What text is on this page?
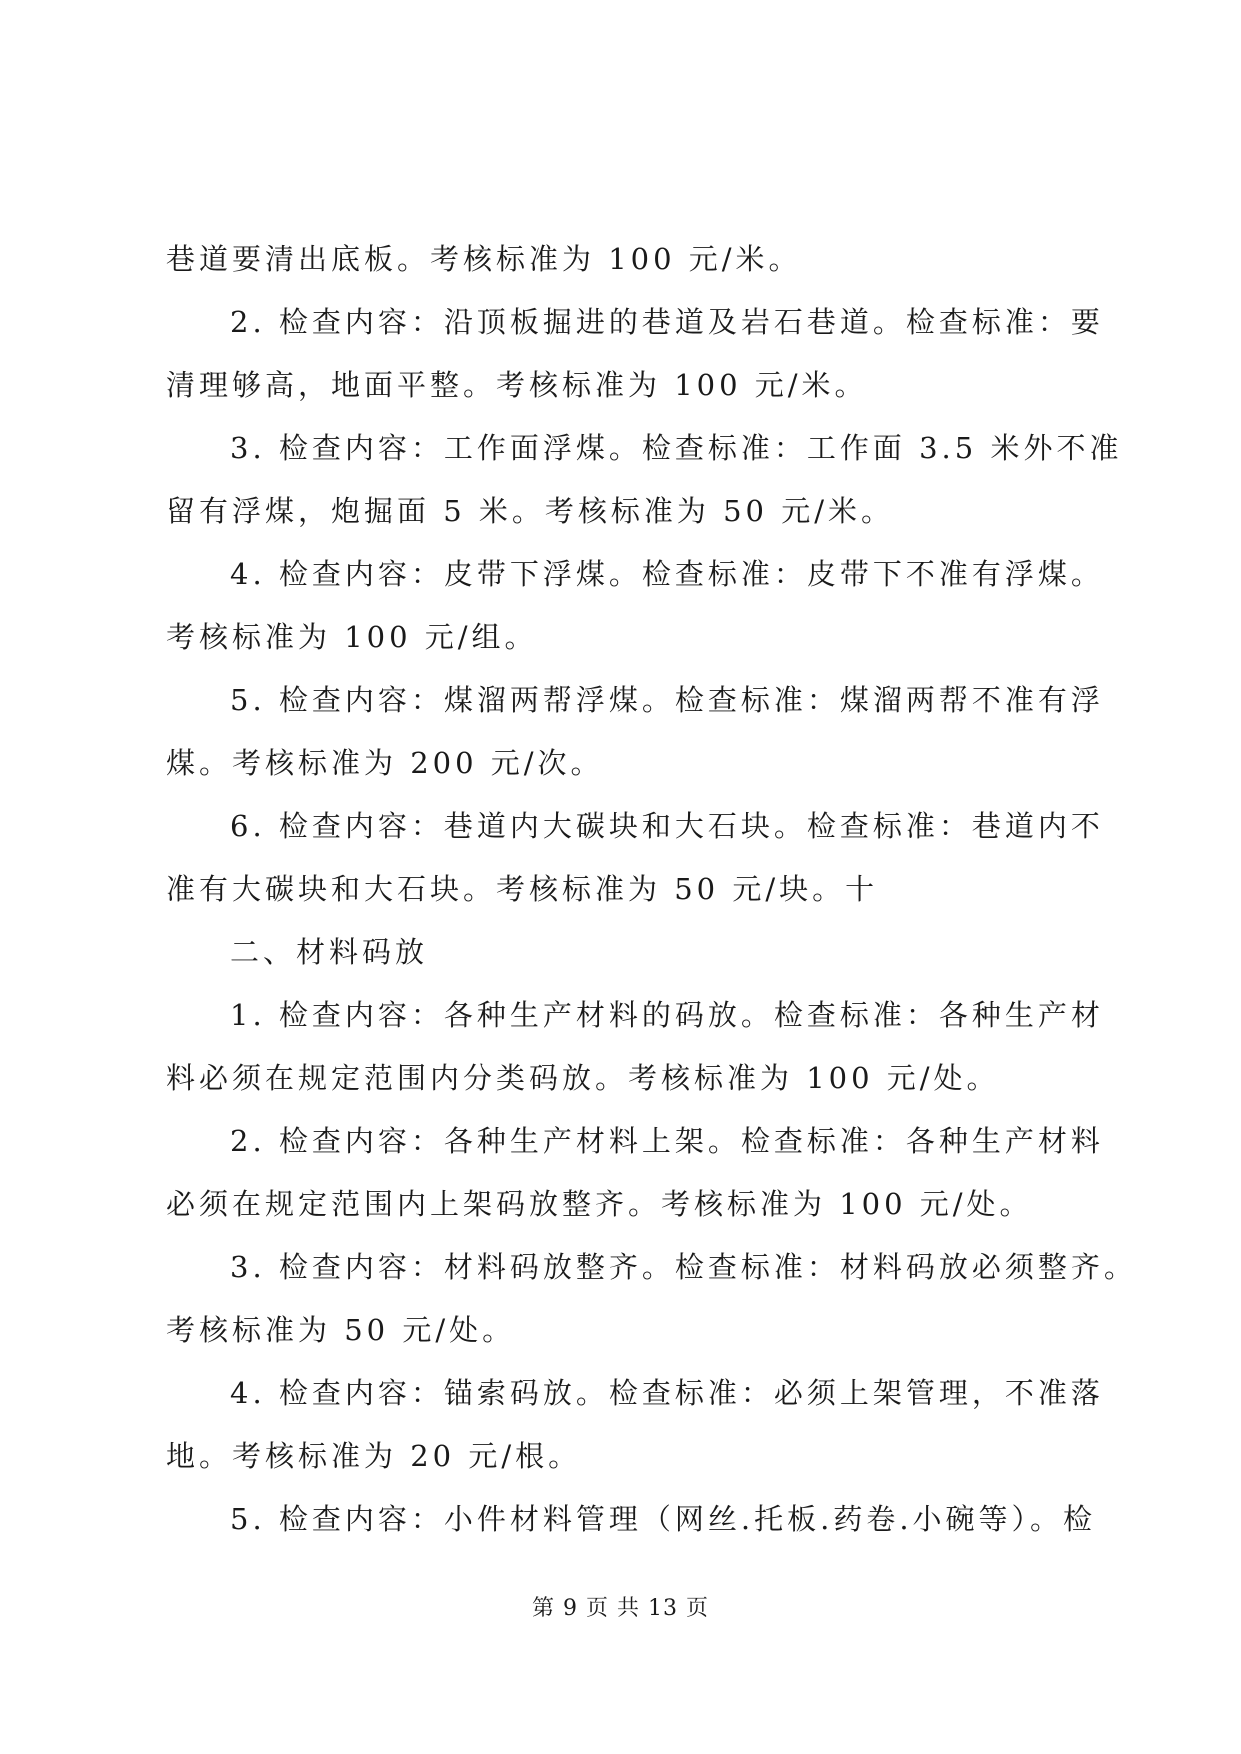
巷道要清出底板。考核标准为 100 元/米。
2. 检查内容：沿顶板掘进的巷道及岩石巷道。检查标准：要
清理够高，地面平整。考核标准为 100 元/米。
3. 检查内容：工作面浮煤。检查标准：工作面 3.5 米外不准
留有浮煤，炮掘面 5 米。考核标准为 50 元/米。
4. 检查内容：皮带下浮煤。检查标准：皮带下不准有浮煤。
考核标准为 100 元/组。
5. 检查内容：煤溜两帮浮煤。检查标准：煤溜两帮不准有浮
煤。考核标准为 200 元/次。
6. 检查内容：巷道内大碳块和大石块。检查标准：巷道内不
准有大碳块和大石块。考核标准为 50 元/块。十
二、材料码放
1. 检查内容：各种生产材料的码放。检查标准：各种生产材
料必须在规定范围内分类码放。考核标准为 100 元/处。
2. 检查内容：各种生产材料上架。检查标准：各种生产材料
必须在规定范围内上架码放整齐。考核标准为 100 元/处。
3. 检查内容：材料码放整齐。检查标准：材料码放必须整齐。
考核标准为 50 元/处。
4. 检查内容：锚索码放。检查标准：必须上架管理，不准落
地。考核标准为 20 元/根。
5. 检查内容：小件材料管理（网丝.托板.药卷.小碗等）。检
第 9 页 共 13 页
